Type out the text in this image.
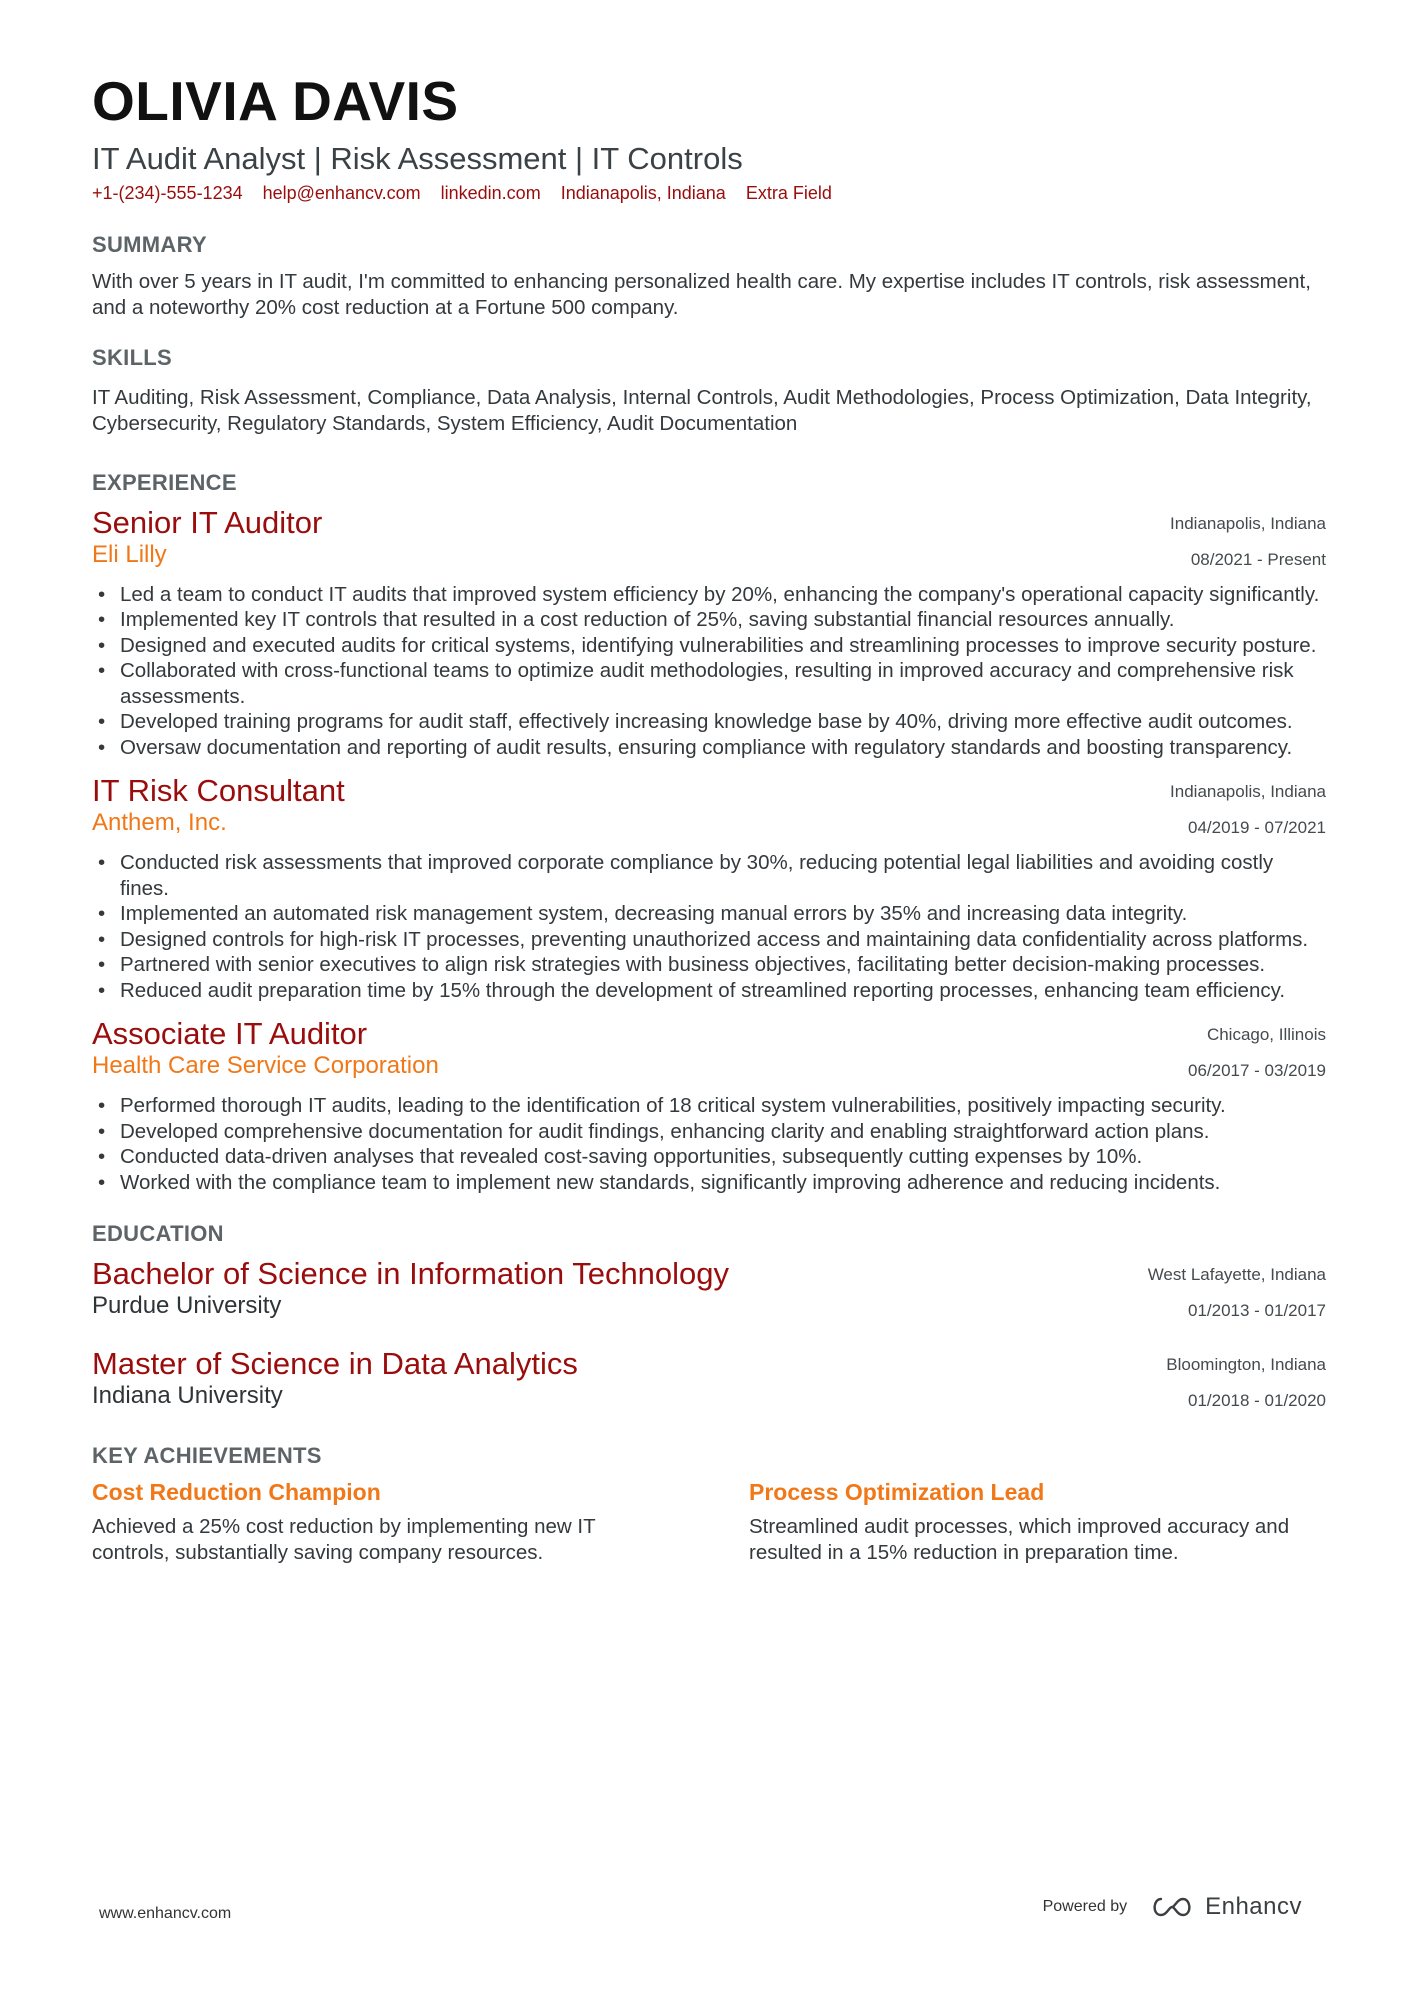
OLIVIA DAVIS
IT Audit Analyst | Risk Assessment | IT Controls
+1-(234)-555-1234 help@enhancv.com linkedin.com Indianapolis, Indiana Extra Field
SUMMARY
With over 5 years in IT audit, I'm committed to enhancing personalized health care. My expertise includes IT controls, risk assessment, and a noteworthy 20% cost reduction at a Fortune 500 company.
SKILLS
IT Auditing, Risk Assessment, Compliance, Data Analysis, Internal Controls, Audit Methodologies, Process Optimization, Data Integrity, Cybersecurity, Regulatory Standards, System Efficiency, Audit Documentation
EXPERIENCE
Senior IT Auditor
Eli Lilly
Indianapolis, Indiana
08/2021 - Present
• Led a team to conduct IT audits that improved system efficiency by 20%, enhancing the company's operational capacity significantly.
• Implemented key IT controls that resulted in a cost reduction of 25%, saving substantial financial resources annually.
• Designed and executed audits for critical systems, identifying vulnerabilities and streamlining processes to improve security posture.
• Collaborated with cross-functional teams to optimize audit methodologies, resulting in improved accuracy and comprehensive risk assessments.
• Developed training programs for audit staff, effectively increasing knowledge base by 40%, driving more effective audit outcomes.
• Oversaw documentation and reporting of audit results, ensuring compliance with regulatory standards and boosting transparency.
IT Risk Consultant
Anthem, Inc.
Indianapolis, Indiana
04/2019 - 07/2021
• Conducted risk assessments that improved corporate compliance by 30%, reducing potential legal liabilities and avoiding costly fines.
• Implemented an automated risk management system, decreasing manual errors by 35% and increasing data integrity.
• Designed controls for high-risk IT processes, preventing unauthorized access and maintaining data confidentiality across platforms.
• Partnered with senior executives to align risk strategies with business objectives, facilitating better decision-making processes.
• Reduced audit preparation time by 15% through the development of streamlined reporting processes, enhancing team efficiency.
Associate IT Auditor
Health Care Service Corporation
Chicago, Illinois
06/2017 - 03/2019
• Performed thorough IT audits, leading to the identification of 18 critical system vulnerabilities, positively impacting security.
• Developed comprehensive documentation for audit findings, enhancing clarity and enabling straightforward action plans.
• Conducted data-driven analyses that revealed cost-saving opportunities, subsequently cutting expenses by 10%.
• Worked with the compliance team to implement new standards, significantly improving adherence and reducing incidents.
EDUCATION
Bachelor of Science in Information Technology
Purdue University
West Lafayette, Indiana
01/2013 - 01/2017
Master of Science in Data Analytics
Indiana University
Bloomington, Indiana
01/2018 - 01/2020
KEY ACHIEVEMENTS
Cost Reduction Champion
Achieved a 25% cost reduction by implementing new IT controls, substantially saving company resources.
Process Optimization Lead
Streamlined audit processes, which improved accuracy and resulted in a 15% reduction in preparation time.
www.enhancv.com	Powered by	Enhancv
